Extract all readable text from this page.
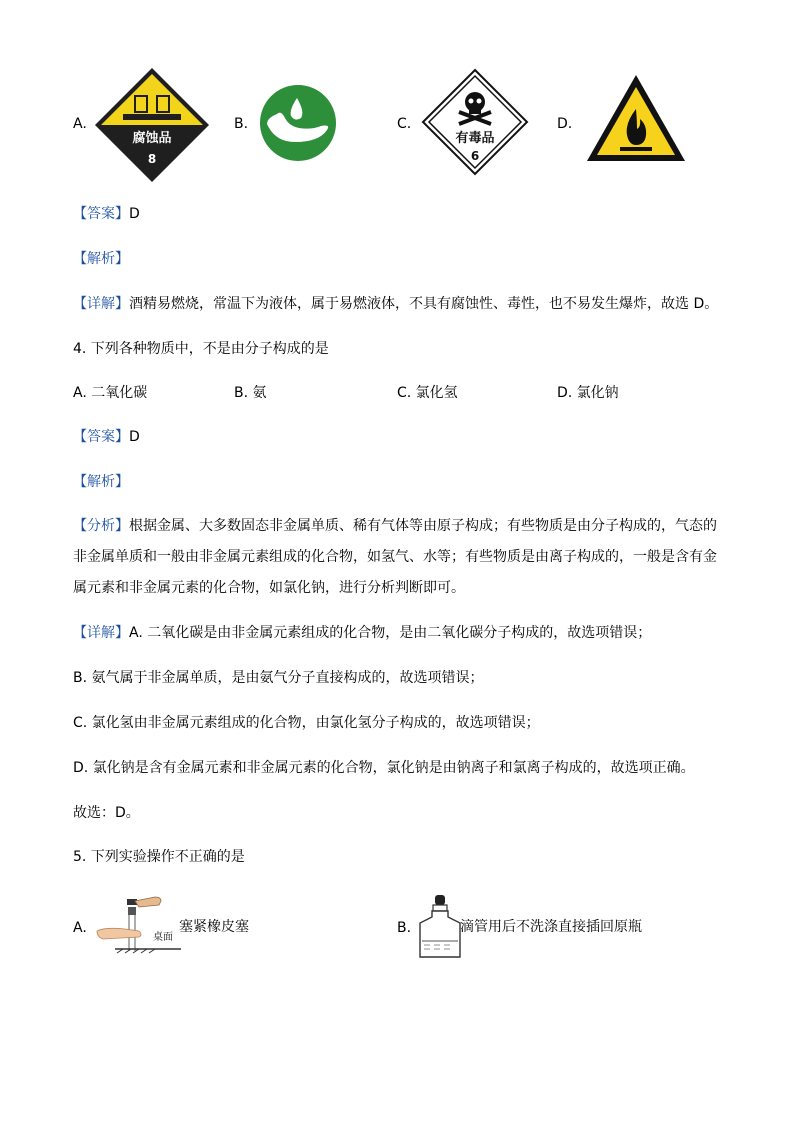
A.
腐蚀品
8
B.	C.
有毒品
6
D.
【答案】D
【解析】
【详解】酒精易燃烧，常温下为液体，属于易燃液体，不具有腐蚀性、毒性，也不易发生爆炸，故选 D。
4. 下列各种物质中，不是由分子构成的是
A. 二氧化碳	B. 氨	C. 氯化氢	D. 氯化钠
【答案】D
【解析】
【分析】根据金属、大多数固态非金属单质、稀有气体等由原子构成；有些物质是由分子构成的，气态的
非金属单质和一般由非金属元素组成的化合物，如氢气、水等；有些物质是由离子构成的，一般是含有金
属元素和非金属元素的化合物，如氯化钠，进行分析判断即可。
【详解】A. 二氧化碳是由非金属元素组成的化合物，是由二氧化碳分子构成的，故选项错误；
B. 氨气属于非金属单质，是由氨气分子直接构成的，故选项错误；
C. 氯化氢由非金属元素组成的化合物，由氯化氢分子构成的，故选项错误；
D. 氯化钠是含有金属元素和非金属元素的化合物，氯化钠是由钠离子和氯离子构成的，故选项正确。
故选：D。
5. 下列实验操作不正确的是
A.
桌面
塞紧橡皮塞	B.	滴管用后不洗涤直接插回原瓶
